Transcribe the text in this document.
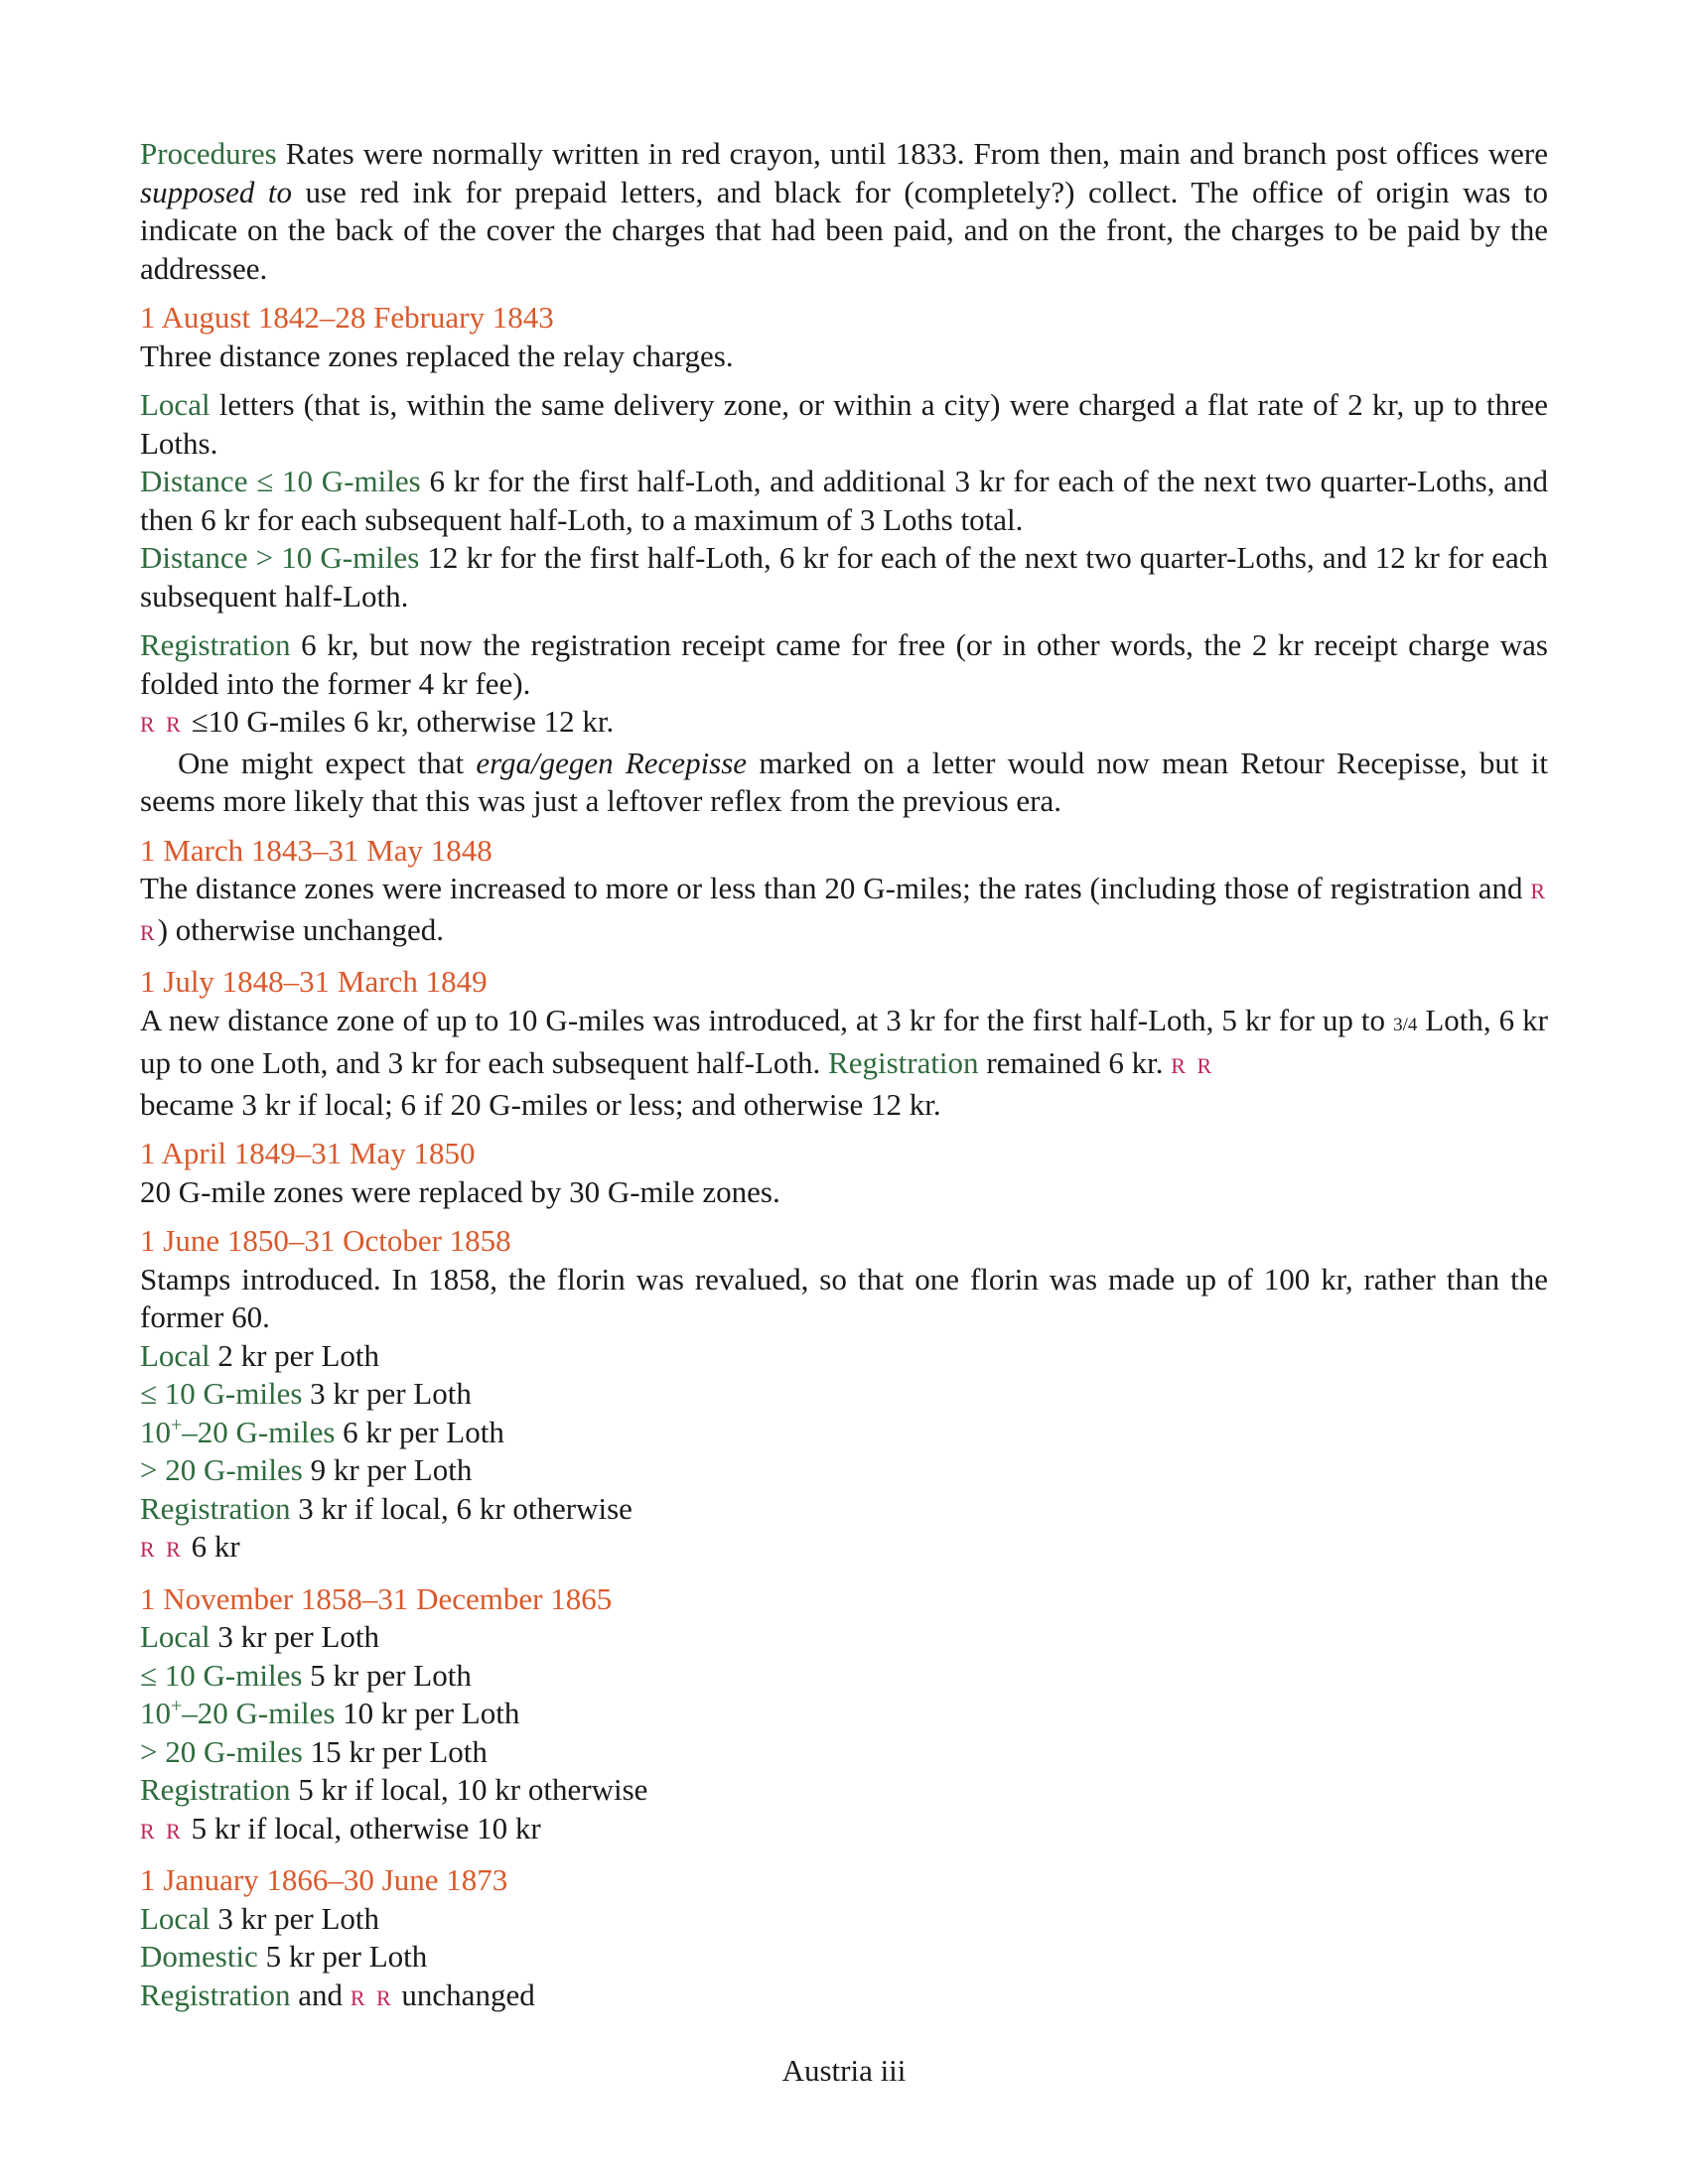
Procedures Rates were normally written in red crayon, until 1833. From then, main and branch post offices were supposed to use red ink for prepaid letters, and black for (completely?) collect. The office of origin was to indicate on the back of the cover the charges that had been paid, and on the front, the charges to be paid by the addressee.

1 August 1842–28 February 1843

Three distance zones replaced the relay charges.

Local letters (that is, within the same delivery zone, or within a city) were charged a flat rate of 2 kr, up to three Loths.

Distance ≤ 10 G-miles 6 kr for the first half-Loth, and additional 3 kr for each of the next two quarter-Loths, and then 6 kr for each subsequent half-Loth, to a maximum of 3 Loths total.

Distance > 10 G-miles 12 kr for the first half-Loth, 6 kr for each of the next two quarter-Loths, and 12 kr for each subsequent half-Loth.

Registration 6 kr, but now the registration receipt came for free (or in other words, the 2 kr receipt charge was folded into the former 4 kr fee).

R R ≤10 G-miles 6 kr, otherwise 12 kr.

One might expect that erga/gegen Recepisse marked on a letter would now mean Retour Recepisse, but it seems more likely that this was just a leftover reflex from the previous era.

1 March 1843–31 May 1848

The distance zones were increased to more or less than 20 G-miles; the rates (including those of registration and R R) otherwise unchanged.

1 July 1848–31 March 1849

A new distance zone of up to 10 G-miles was introduced, at 3 kr for the first half-Loth, 5 kr for up to 3/4 Loth, 6 kr up to one Loth, and 3 kr for each subsequent half-Loth. Registration remained 6 kr. R R
became 3 kr if local; 6 if 20 G-miles or less; and otherwise 12 kr.

1 April 1849–31 May 1850

20 G-mile zones were replaced by 30 G-mile zones.

1 June 1850–31 October 1858

Stamps introduced. In 1858, the florin was revalued, so that one florin was made up of 100 kr, rather than the former 60.

Local 2 kr per Loth

≤ 10 G-miles 3 kr per Loth

10+–20 G-miles 6 kr per Loth

> 20 G-miles 9 kr per Loth

Registration 3 kr if local, 6 kr otherwise

R R 6 kr

1 November 1858–31 December 1865

Local 3 kr per Loth

≤ 10 G-miles 5 kr per Loth

10+–20 G-miles 10 kr per Loth

> 20 G-miles 15 kr per Loth

Registration 5 kr if local, 10 kr otherwise

R R 5 kr if local, otherwise 10 kr

1 January 1866–30 June 1873

Local 3 kr per Loth

Domestic 5 kr per Loth

Registration and R R unchanged

Austria iii
